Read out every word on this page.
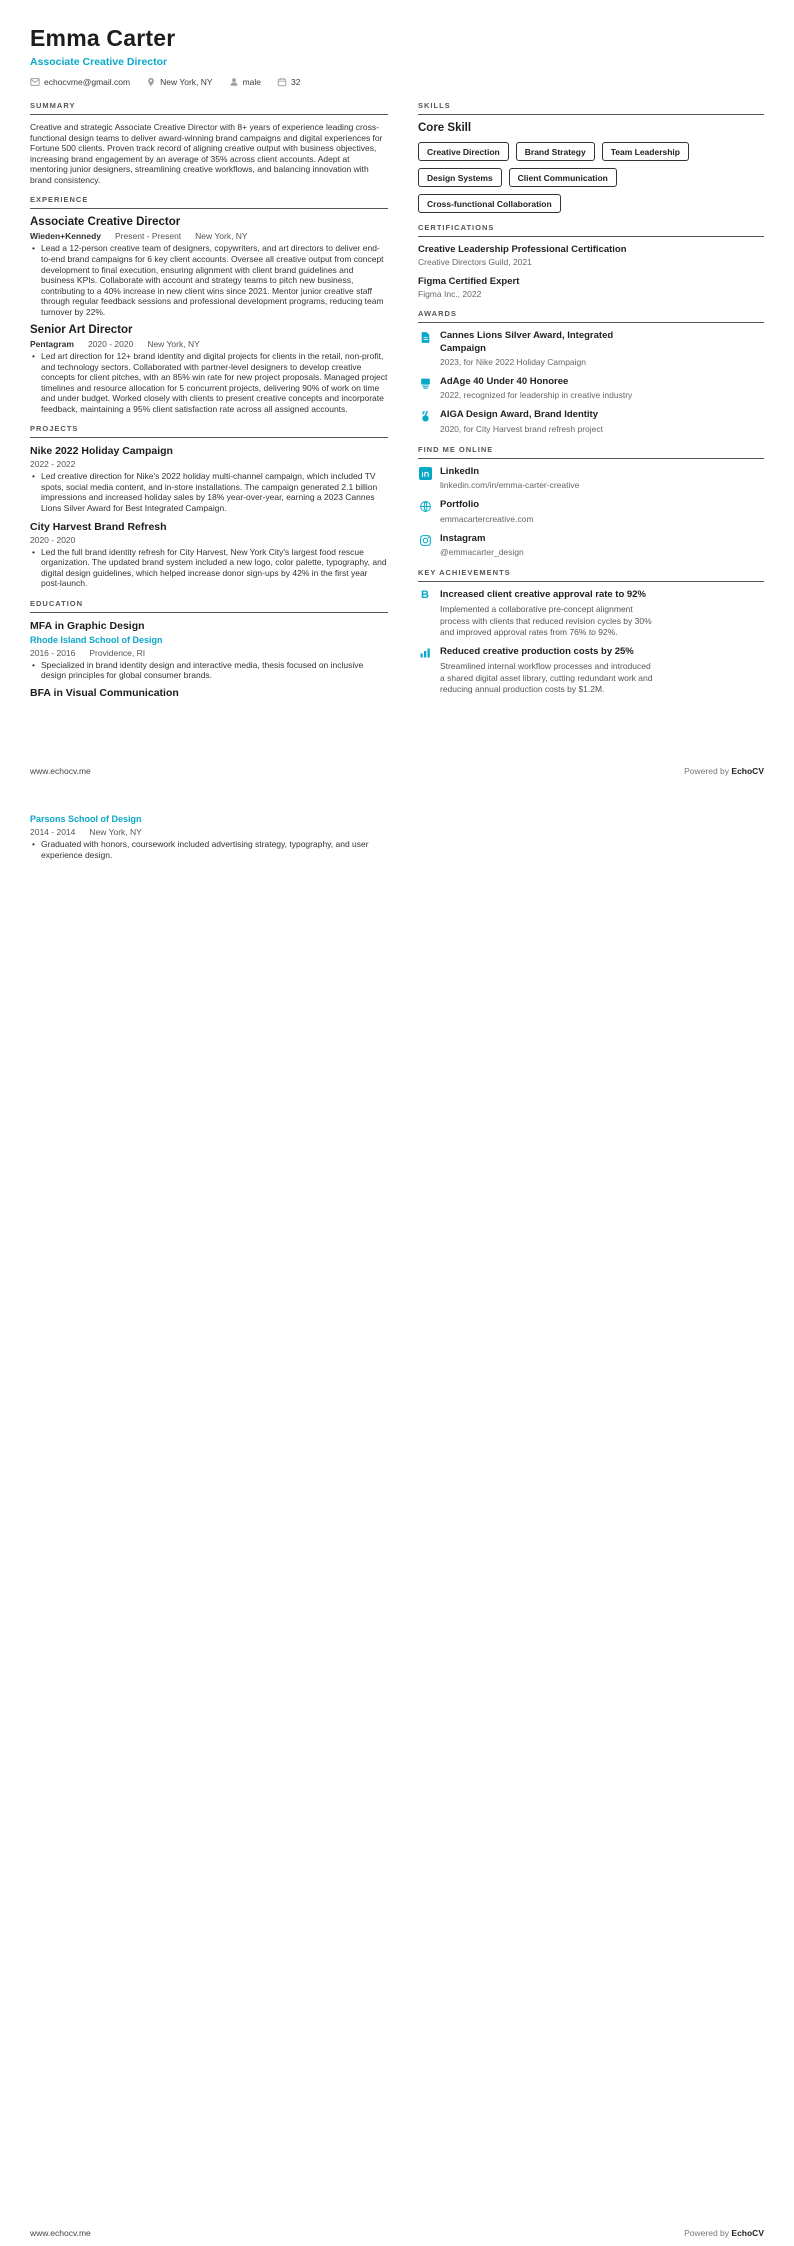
Emma Carter
Associate Creative Director
echocvme@gmail.com	New York, NY	male	32
SUMMARY

Creative and strategic Associate Creative Director with 8+ years of experience leading cross-functional design teams to deliver award-winning brand campaigns and digital experiences for Fortune 500 clients. Proven track record of aligning creative output with business objectives, increasing brand engagement by an average of 35% across client accounts. Adept at mentoring junior designers, streamlining creative workflows, and balancing innovation with brand consistency.

EXPERIENCE
Associate Creative Director
Wieden+Kennedy Present - Present New York, NY
• Lead a 12-person creative team of designers, copywriters, and art directors to deliver end-to-end brand campaigns for 6 key client accounts. Oversee all creative output from concept development to final execution, ensuring alignment with client brand guidelines and business KPIs. Collaborate with account and strategy teams to pitch new business, contributing to a 40% increase in new client wins since 2021. Mentor junior creative staff through regular feedback sessions and professional development programs, reducing team turnover by 22%.
Senior Art Director
Pentagram 2020 - 2020 New York, NY
• Led art direction for 12+ brand identity and digital projects for clients in the retail, non-profit, and technology sectors. Collaborated with partner-level designers to develop creative concepts for client pitches, with an 85% win rate for new project proposals. Managed project timelines and resource allocation for 5 concurrent projects, delivering 90% of work on time and under budget. Worked closely with clients to present creative concepts and incorporate feedback, maintaining a 95% client satisfaction rate across all assigned accounts.
PROJECTS
Nike 2022 Holiday Campaign
2022 - 2022
• Led creative direction for Nike's 2022 holiday multi-channel campaign, which included TV spots, social media content, and in-store installations. The campaign generated 2.1 billion impressions and increased holiday sales by 18% year-over-year, earning a 2023 Cannes Lions Silver Award for Best Integrated Campaign.
City Harvest Brand Refresh
2020 - 2020
• Led the full brand identity refresh for City Harvest, New York City's largest food rescue organization. The updated brand system included a new logo, color palette, typography, and digital design guidelines, which helped increase donor sign-ups by 42% in the first year post-launch.
EDUCATION
MFA in Graphic Design
Rhode Island School of Design
2016 - 2016 Providence, RI
• Specialized in brand identity design and interactive media, thesis focused on inclusive design principles for global consumer brands.
BFA in Visual Communication
SKILLS
Core Skill
Creative Direction	Brand Strategy	Team Leadership
Design Systems	Client Communication
Cross-functional Collaboration
CERTIFICATIONS
Creative Leadership Professional Certification
Creative Directors Guild, 2021
Figma Certified Expert
Figma Inc., 2022
AWARDS
Cannes Lions Silver Award, Integrated Campaign
2023, for Nike 2022 Holiday Campaign
AdAge 40 Under 40 Honoree
2022, recognized for leadership in creative industry
AIGA Design Award, Brand Identity
2020, for City Harvest brand refresh project
FIND ME ONLINE
LinkedIn
linkedin.com/in/emma-carter-creative
Portfolio
emmacartercreative.com
Instagram
@emmacarter_design
KEY ACHIEVEMENTS
B Increased client creative approval rate to 92%
Implemented a collaborative pre-concept alignment process with clients that reduced revision cycles by 30% and improved approval rates from 76% to 92%.
Reduced creative production costs by 25%
Streamlined internal workflow processes and introduced a shared digital asset library, cutting redundant work and reducing annual production costs by $1.2M.
www.echocv.me	Powered by EchoCV
Parsons School of Design
2014 - 2014 New York, NY
• Graduated with honors, coursework included advertising strategy, typography, and user experience design.
www.echocv.me	Powered by EchoCV
